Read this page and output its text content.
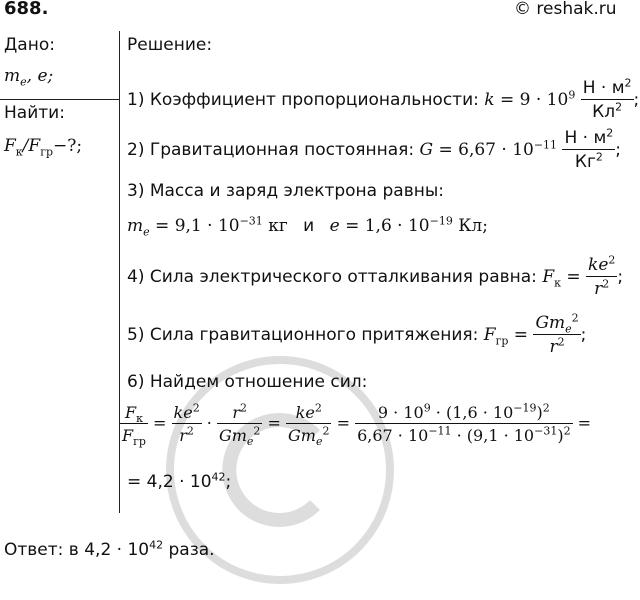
688.	© reshak.ru
Дано:
$m_e$, e;
Найти:
$F_к/F_{гр}-$?;
Решение:
1) Коэффициент пропорциональности: $k = 9 \cdot 10^9 \frac{Н \cdot м^2}{Кл^2}$ ;
2) Гравитационная постоянная: $G = 6,67 \cdot 10^{-11} \frac{Н \cdot м^2}{Кг^2}$ ;
3) Масса и заряд электрона равны:
$m_e = 9,1 \cdot 10^{-31}$ кг и $e = 1,6 \cdot 10^{-19}$ Кл;
4) Сила электрического отталкивания равна: $F_к = \frac{ke^2}{r^2}$ ;
5) Сила гравитационного притяжения: $F_{гр} = \frac{Gm_e^2}{r^2}$ ;
6) Найдем отношение сил:
$\frac{F_к}{F_{гр}} = \frac{ke^2}{r^2} \cdot \frac{r^2}{Gm_e^2} = \frac{ke^2}{Gm_e^2} = \frac{9 \cdot 10^9 \cdot (1,6 \cdot 10^{-19})^2}{6,67 \cdot 10^{-11} \cdot (9,1 \cdot 10^{-31})^2}$ =
= $4,2 \cdot 10^{42}$;
Ответ: в $4,2 \cdot 10^{42}$ раза.
